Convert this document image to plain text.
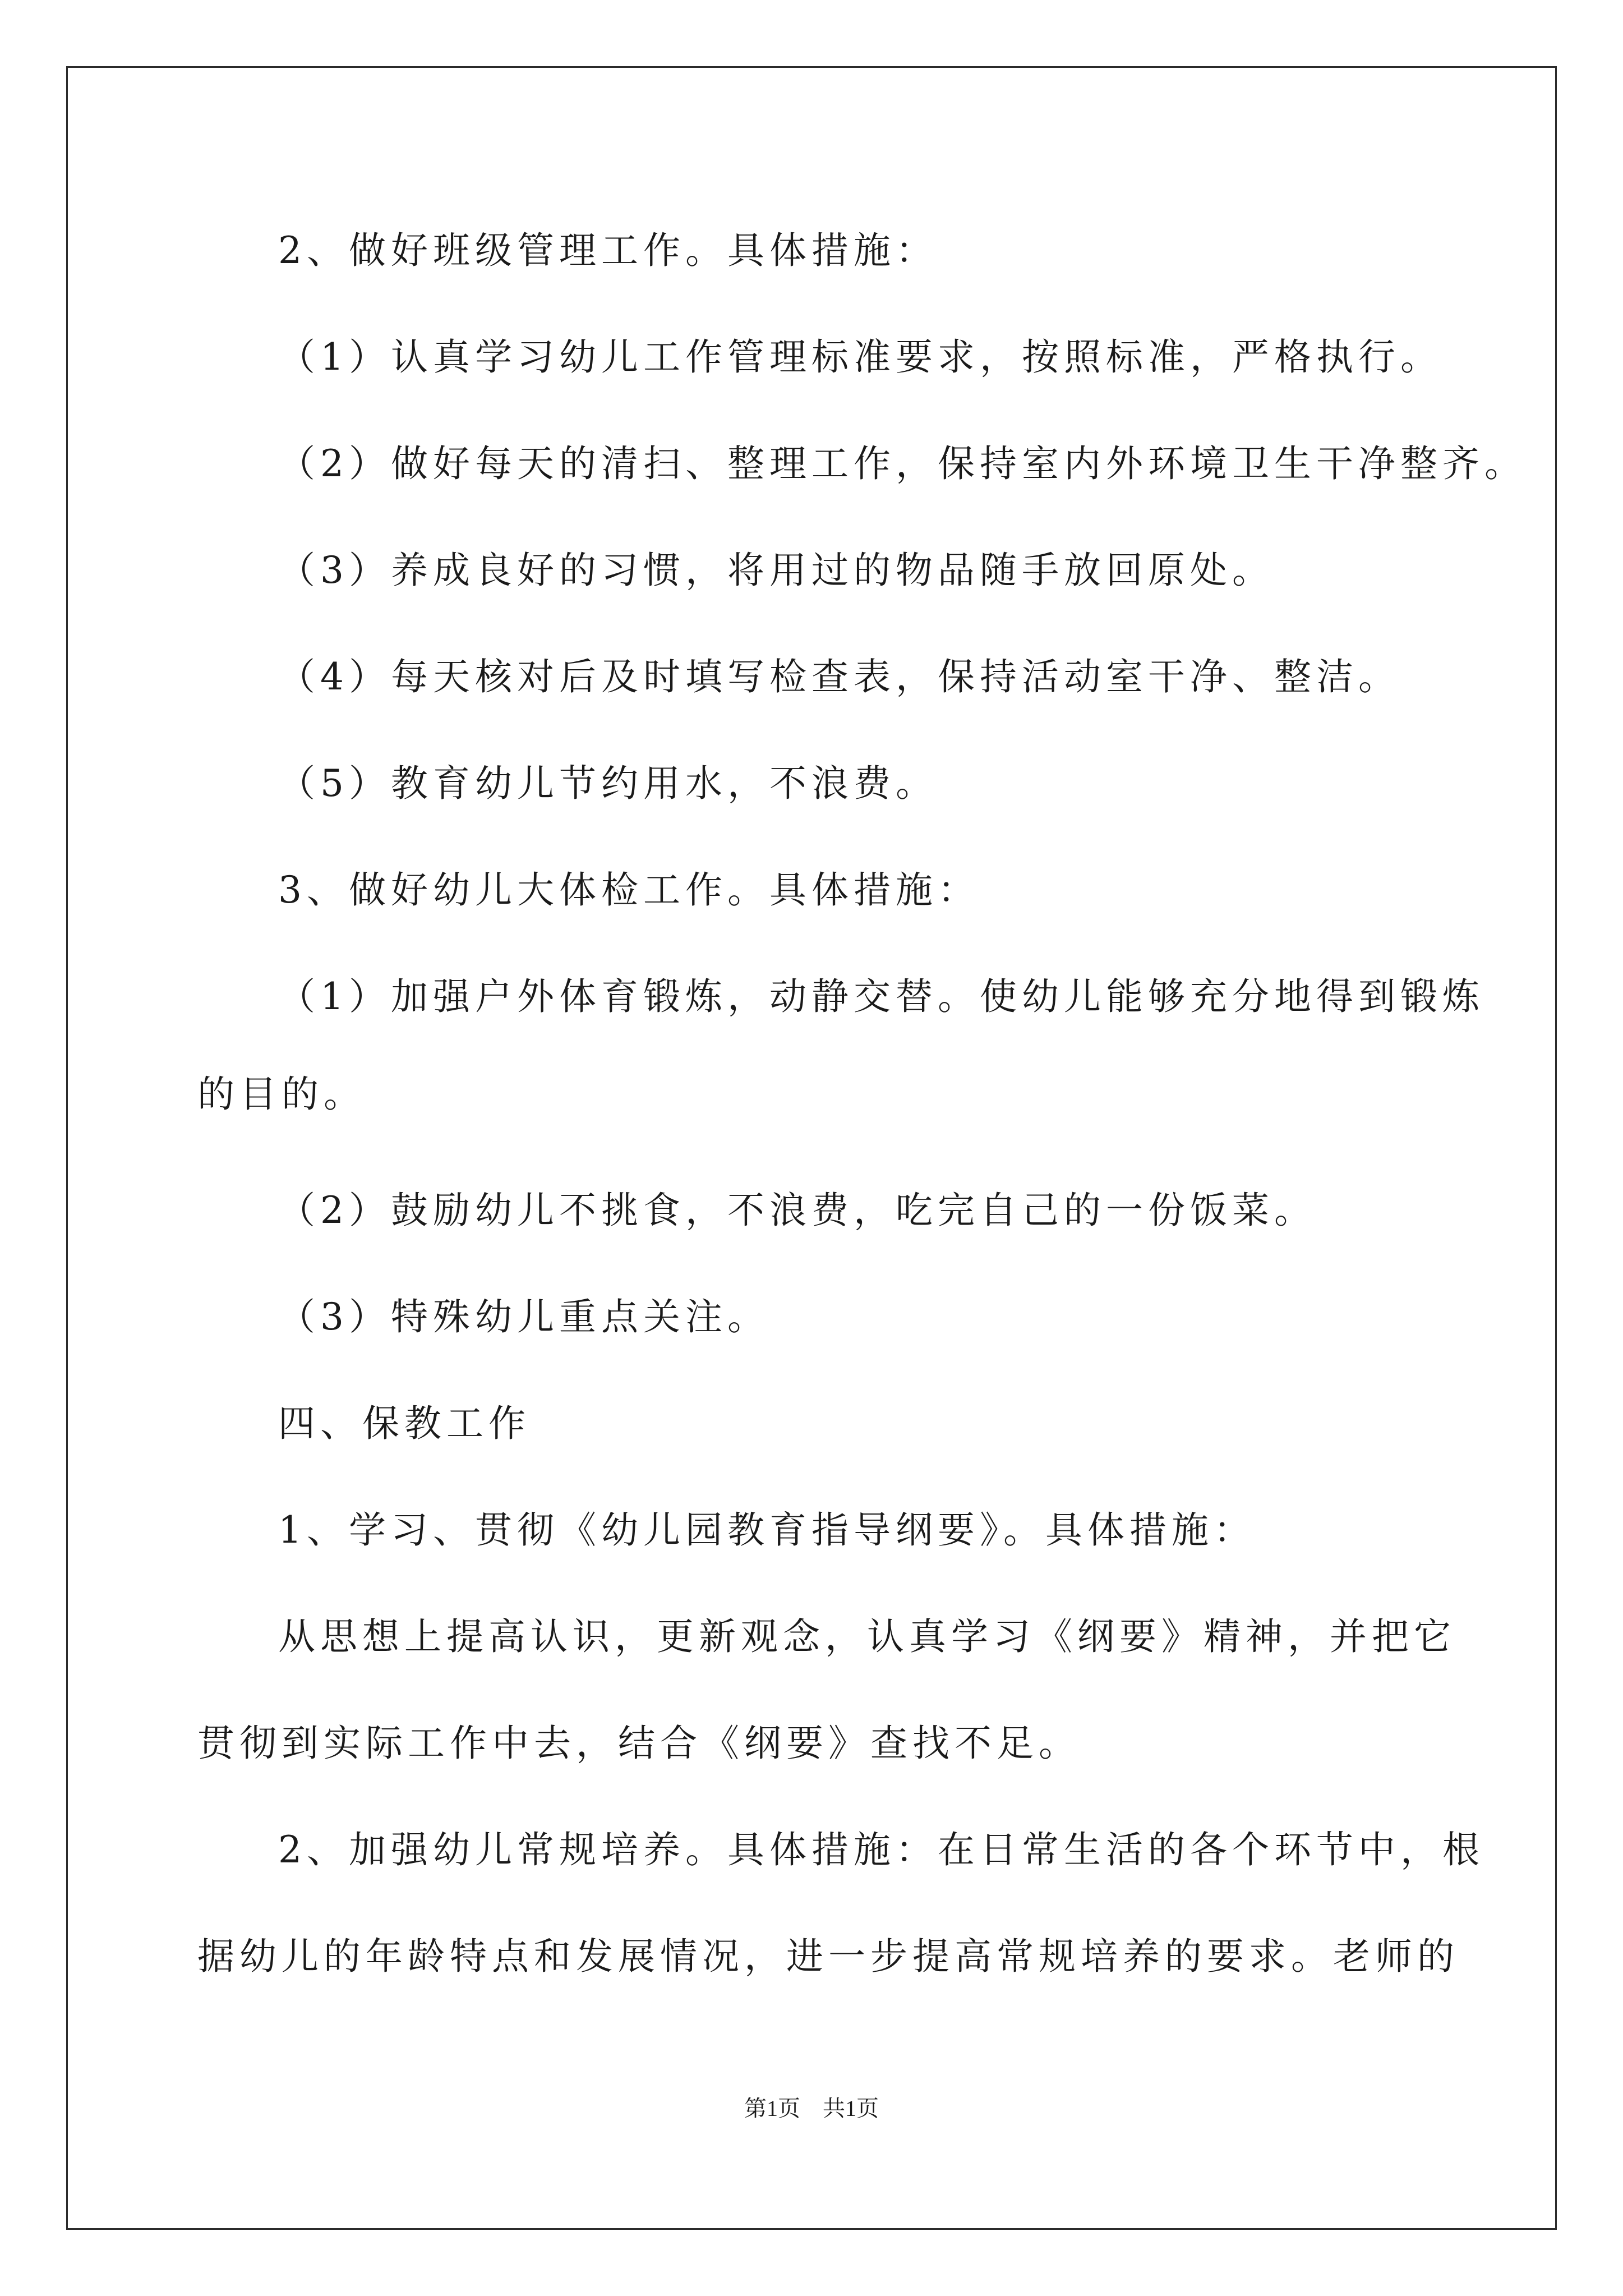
2、做好班级管理工作。具体措施：
（1）认真学习幼儿工作管理标准要求，按照标准，严格执行。
（2）做好每天的清扫、整理工作，保持室内外环境卫生干净整齐。
（3）养成良好的习惯，将用过的物品随手放回原处。
（4）每天核对后及时填写检查表，保持活动室干净、整洁。
（5）教育幼儿节约用水，不浪费。
3、做好幼儿大体检工作。具体措施：
（1）加强户外体育锻炼，动静交替。使幼儿能够充分地得到锻炼
的目的。
（2）鼓励幼儿不挑食，不浪费，吃完自己的一份饭菜。
（3）特殊幼儿重点关注。
四、保教工作
1、学习、贯彻《幼儿园教育指导纲要》。具体措施：
从思想上提高认识，更新观念，认真学习《纲要》精神，并把它
贯彻到实际工作中去，结合《纲要》查找不足。
2、加强幼儿常规培养。具体措施：在日常生活的各个环节中，根
据幼儿的年龄特点和发展情况，进一步提高常规培养的要求。老师的
第1页　共1页
